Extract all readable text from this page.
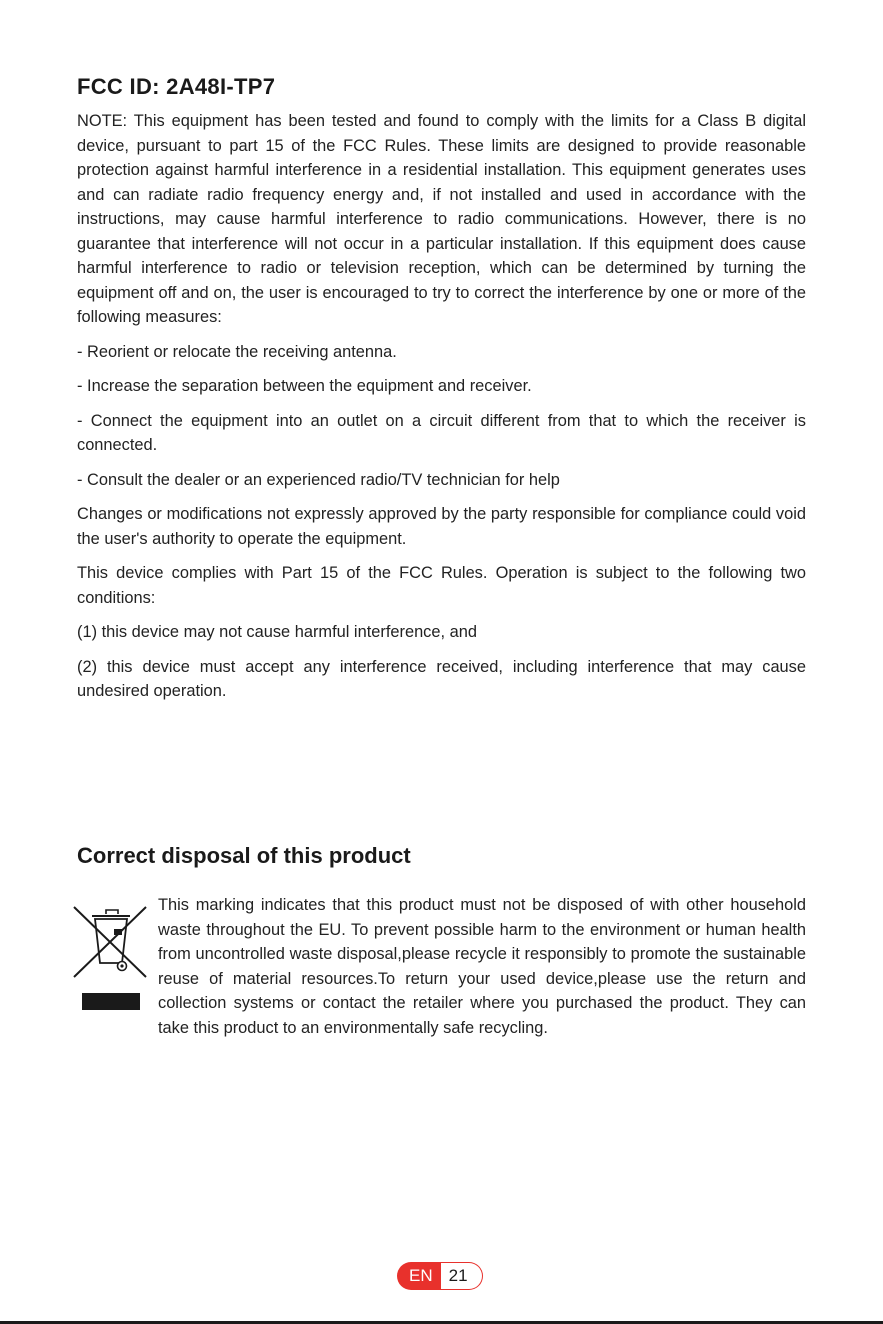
FCC ID: 2A48I-TP7

NOTE: This equipment has been tested and found to comply with the limits for a Class B digital device, pursuant to part 15 of the FCC Rules. These limits are designed to provide reasonable protection against harmful interference in a residential installation. This equipment generates uses and can radiate radio frequency energy and, if not installed and used in accordance with the instructions, may cause harmful interference to radio communications. However, there is no guarantee that interference will not occur in a particular installation. If this equipment does cause harmful interference to radio or television reception, which can be determined by turning the equipment off and on, the user is encouraged to try to correct the interference by one or more of the following measures:

- Reorient or relocate the receiving antenna.

- Increase the separation between the equipment and receiver.

- Connect the equipment into an outlet on a circuit different from that to which the receiver is connected.

- Consult the dealer or an experienced radio/TV technician for help

Changes or modifications not expressly approved by the party responsible for compliance could void the user's authority to operate the equipment.

This device complies with Part 15 of the FCC Rules. Operation is subject to the following two conditions:

(1) this device may not cause harmful interference, and

(2) this device must accept any interference received, including interference that may cause undesired operation.

Correct disposal of this product

This marking indicates that this product must not be disposed of with other household waste throughout the EU. To prevent possible harm to the environment or human health from uncontrolled waste disposal,please recycle it responsibly to promote the sustainable reuse of material resources.To return your used device,please use the return and collection systems or contact the retailer where you purchased the product. They can take this product to an environmentally safe recycling.

EN 21
